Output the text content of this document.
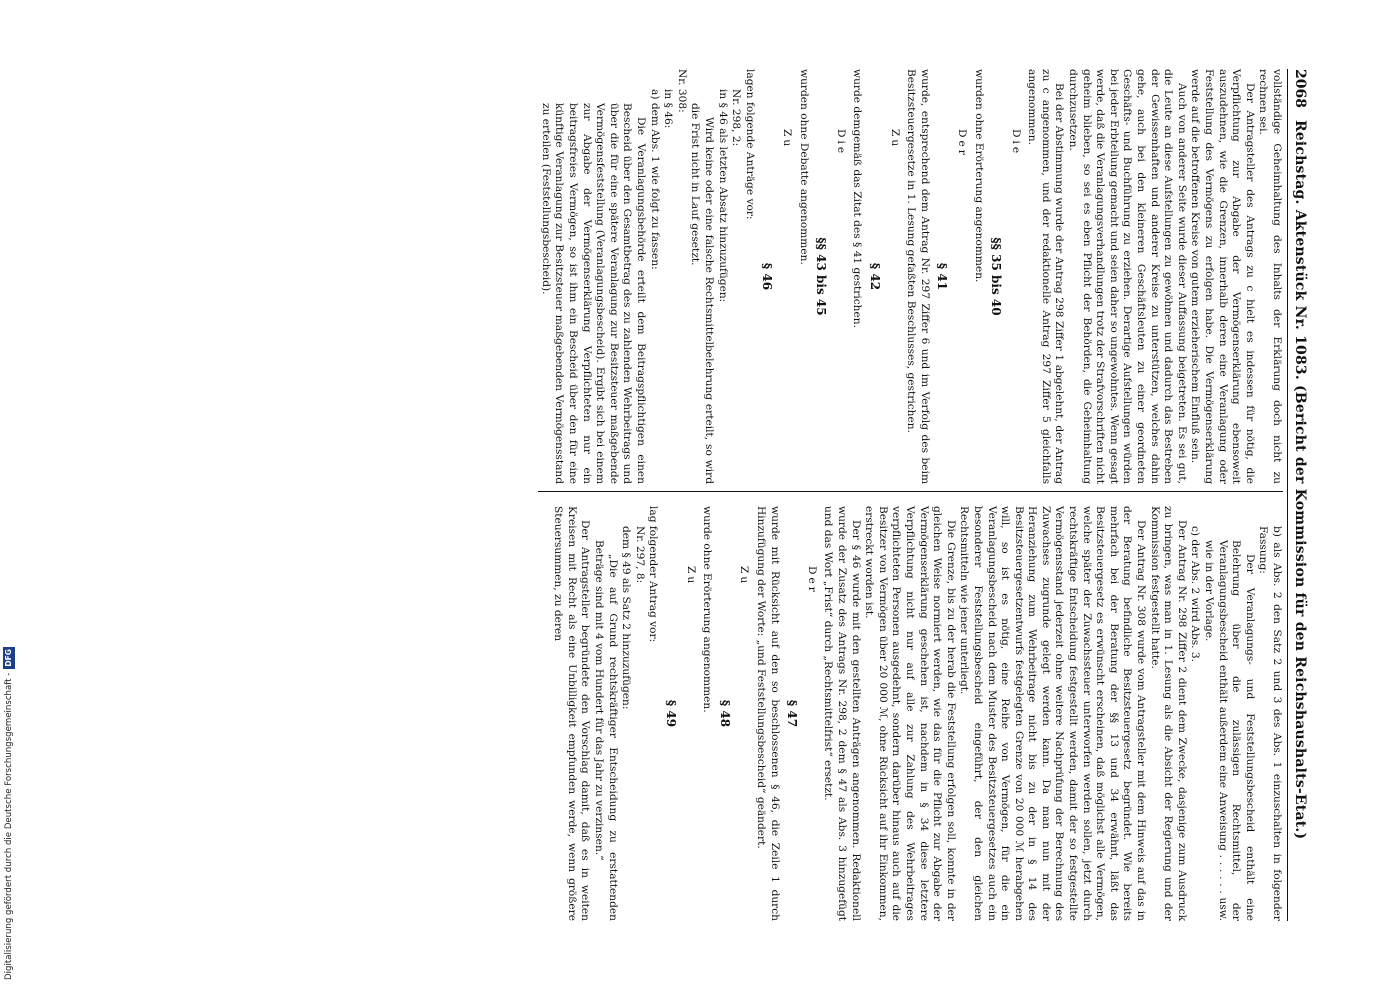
Digitalisierung gefördert durch die Deutsche Forschungsgemeinschaft -
DFG
2068
Reichstag. Aktenstück Nr. 1083. (Bericht der Kommission für den Reichshaushalts-Etat.)

vollständige Geheimhaltung des Inhalts der Erklärung doch nicht zu rechnen sei.

Der Antragsteller des Antrags zu c hielt es indessen für nötig, die Verpflichtung zur Abgabe der Vermögenserklärung ebensoweit auszudehnen, wie die Grenzen, innerhalb deren eine Veranlagung oder Feststellung des Vermögens zu erfolgen habe. Die Vermögenserklärung werde auf die betroffenen Kreise von gutem erzieherischem Einfluß sein.

Auch von anderer Seite wurde dieser Auffassung beigetreten. Es sei gut, die Leute an diese Aufstellungen zu gewöhnen und dadurch das Bestreben der Gewissenhaften und anderer Kreise zu unterstützen, welches dahin gehe, auch bei den kleineren Geschäftsleuten zu einer geordneten Geschäfts- und Buchführung zu erziehen. Derartige Aufstellungen würden bei jeder Erbteilung gemacht und seien daher so ungewohntes. Wenn gesagt werde, daß die Veranlagungsverhandlungen trotz der Strafvorschriften nicht geheim blieben, so sei es eben Pflicht der Behörden, die Geheimhaltung durchzusetzen.

Bei der Abstimmung wurde der Antrag 298 Ziffer 1 abgelehnt, der Antrag zu c angenommen, und der redaktionelle Antrag 297 Ziffer 5 gleichfalls angenommen.

Die
§§ 35 bis 40

wurden ohne Erörterung angenommen.

Der
§ 41

wurde, entsprechend dem Antrag Nr. 297 Ziffer 6 und im Verfolg des beim Besitzsteuergesetze in 1. Lesung gefaßten Beschlusses, gestrichen.

Zu
§ 42

wurde demgemäß das Zitat des § 41 gestrichen.

Die
§§ 43 bis 45

wurden ohne Debatte angenommen.

Zu
§ 46

lagen folgende Anträge vor:

Nr. 298, 2:

in § 46 als letzten Absatz hinzuzufügen:

Wird keine oder eine falsche Rechtsmittelbelehrung erteilt, so wird die Frist nicht in Lauf gesetzt.

Nr. 308:

in § 46:

a) dem Abs. 1 wie folgt zu fassen:

Die Veranlagungsbehörde erteilt dem Beitragspflichtigen einen Bescheid über den Gesamtbetrag des zu zahlenden Wehrbeitrags und über die für eine spätere Veranlagung zur Besitzsteuer maßgebende Vermögensfeststellung (Veranlagungsbescheid). Ergibt sich bei einem zur Abgabe der Vermögenserklärung Verpflichteten nur ein beitragsfreies Vermögen, so ist ihm ein Bescheid über den für eine künftige Veranlagung zur Besitzsteuer maßgebenden Vermögensstand zu erteilen (Feststellungsbescheid).

b) als Abs. 2 den Satz 2 und 3 des Abs. 1 einzuschalten in folgender Fassung:

Der Veranlagungs- und Feststellungsbescheid enthält eine Belehrung über die zulässigen Rechtsmittel, der Veranlagungsbescheid enthält außerdem eine Anweisung . . . . . . usw. wie in der Vorlage.

c) der Abs. 2 wird Abs. 3.

Der Antrag Nr. 298 Ziffer 2 dient dem Zwecke, dasjenige zum Ausdruck zu bringen, was man in 1. Lesung als die Absicht der Regierung und der Kommission festgestellt hatte.

Der Antrag Nr. 308 wurde vom Antragsteller mit dem Hinweis auf das in der Beratung befindliche Besitzsteuergesetz begründet. Wie bereits mehrfach bei der Beratung der §§ 13 und 34 erwähnt, läßt das Besitzsteuergesetz es erwünscht erscheinen, daß möglichst alle Vermögen, welche später der Zuwachssteuer unterworfen werden sollen, jetzt durch rechtskräftige Entscheidung festgestellt werden, damit der so festgestellte Vermögensstand jederzeit ohne weitere Nachprüfung der Berechnung des Zuwachses zugrunde gelegt werden kann. Da man nun mit der Heranziehung zum Wehrbeitrage nicht bis zu der in § 14 des Besitzsteuergesetzentwurfs festgelegten Grenze von 20 000 ℳ herabgehen will, so ist es nötig, eine Reihe von Vermögen, für die ein Veranlagungsbescheid nach dem Muster des Besitzsteuergesetzes auch ein besonderer Feststellungsbescheid eingeführt, der den gleichen Rechtsmitteln wie jener unterliegt.

Die Grenze, bis zu der herab die Feststellung erfolgen soll, konnte in der gleichen Weise normiert werden, wie das für die Pflicht zur Abgabe der Vermögenserklärung geschehen ist, nachdem in § 34 diese letztere Verpflichtung nicht nur auf alle zur Zahlung des Wehrbeitrages verpflichteten Personen ausgedehnt, sondern darüber hinaus auch auf die Besitzer von Vermögen über 20 000 ℳ, ohne Rücksicht auf ihr Einkommen, erstreckt worden ist.

Der § 46 wurde mit den gestellten Anträgen angenommen. Redaktionell wurde der Zusatz des Antrags Nr. 298, 2 dem § 47 als Abs. 3 hinzugefügt und das Wort „Frist“ durch „Rechtsmittelfrist“ ersetzt.

Der
§ 47

wurde mit Rücksicht auf den so beschlossenen § 46, die Zeile 1 durch Hinzufügung der Worte: „und Feststellungsbescheid“ geändert.

Zu
§ 48

wurde ohne Erörterung angenommen.

Zu
§ 49

lag folgender Antrag vor:

Nr. 297, 8:

dem § 49 als Satz 2 hinzuzufügen:

„Die auf Grund rechtskräftiger Entscheidung zu erstattenden Beträge sind mit 4 vom Hundert für das Jahr zu verzinsen.“

Der Antragsteller begründete den Vorschlag damit, daß es in weiten Kreisen mit Recht als eine Unbilligkeit empfunden werde, wenn größere Steuersummen, zu deren
